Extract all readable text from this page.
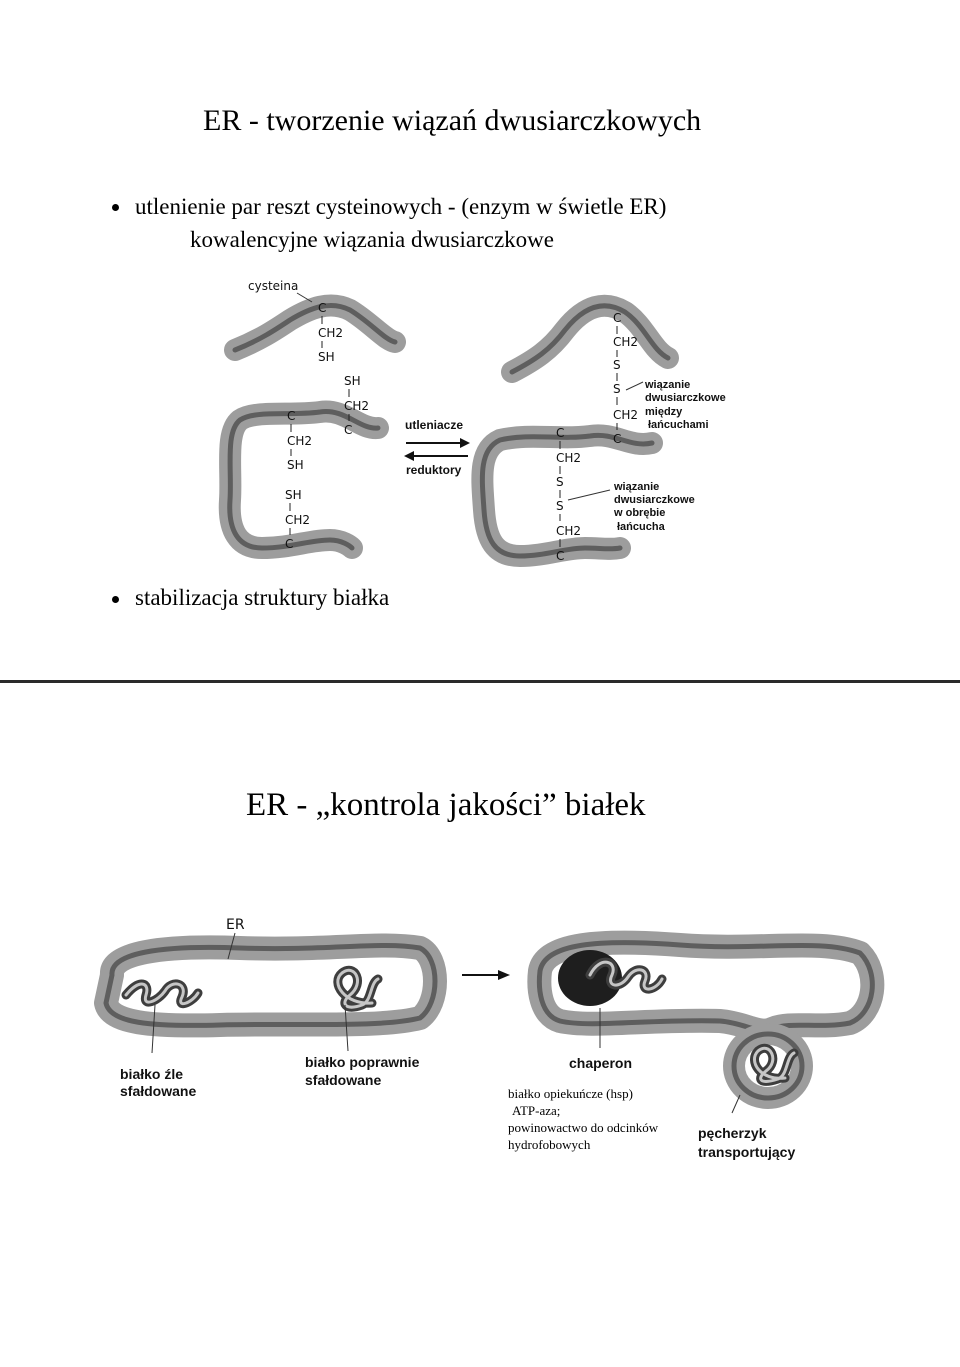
ER - tworzenie wiązań dwusiarczkowych
utlenienie par reszt cysteinowych - (enzym w świetle ER)
kowalencyjne wiązania dwusiarczkowe
cysteina
C
CH2
SH
SH
CH2
C
C
CH2
SH
SH
CH2
C
utleniacze
reduktory
C
CH2
S
S
CH2
C
wiązanie
dwusiarczkowe
między
łańcuchami
C
CH2
S
S
CH2
C
wiązanie
dwusiarczkowe
w obrębie
łańcucha
stabilizacja struktury białka
ER - „kontrola jakości” białek
ER
białko źle
sfałdowane
białko poprawnie
sfałdowane
chaperon
pęcherzyk
transportujący
białko opiekuńcze (hsp)
ATP-aza;
powinowactwo do odcinków
hydrofobowych
